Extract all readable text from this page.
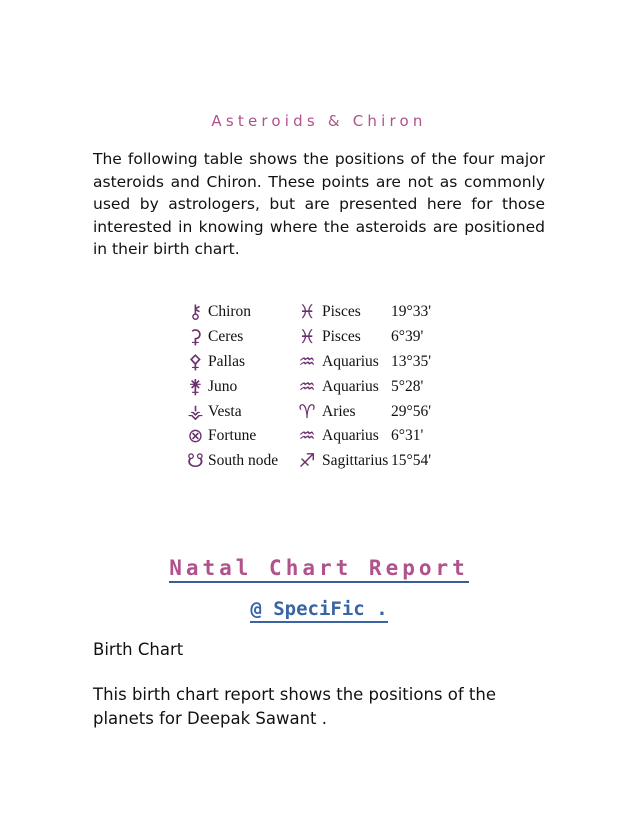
Asteroids & Chiron

The following table shows the positions of the four major asteroids and Chiron. These points are not as commonly used by astrologers, but are presented here for those interested in knowing where the asteroids are positioned in their birth chart.

⚷	Chiron	♓	Pisces	19°33'
⚳	Ceres	♓	Pisces	6°39'
⚴	Pallas	♒	Aquarius	13°35'
⚵	Juno	♒	Aquarius	5°28'
⚶	Vesta	♈	Aries	29°56'
⊗	Fortune	♒	Aquarius	6°31'
☋	South node	♐	Sagittarius	15°54'
Natal Chart Report
@ SpeciFic .
Birth Chart

This birth chart report shows the positions of the planets for Deepak Sawant .
